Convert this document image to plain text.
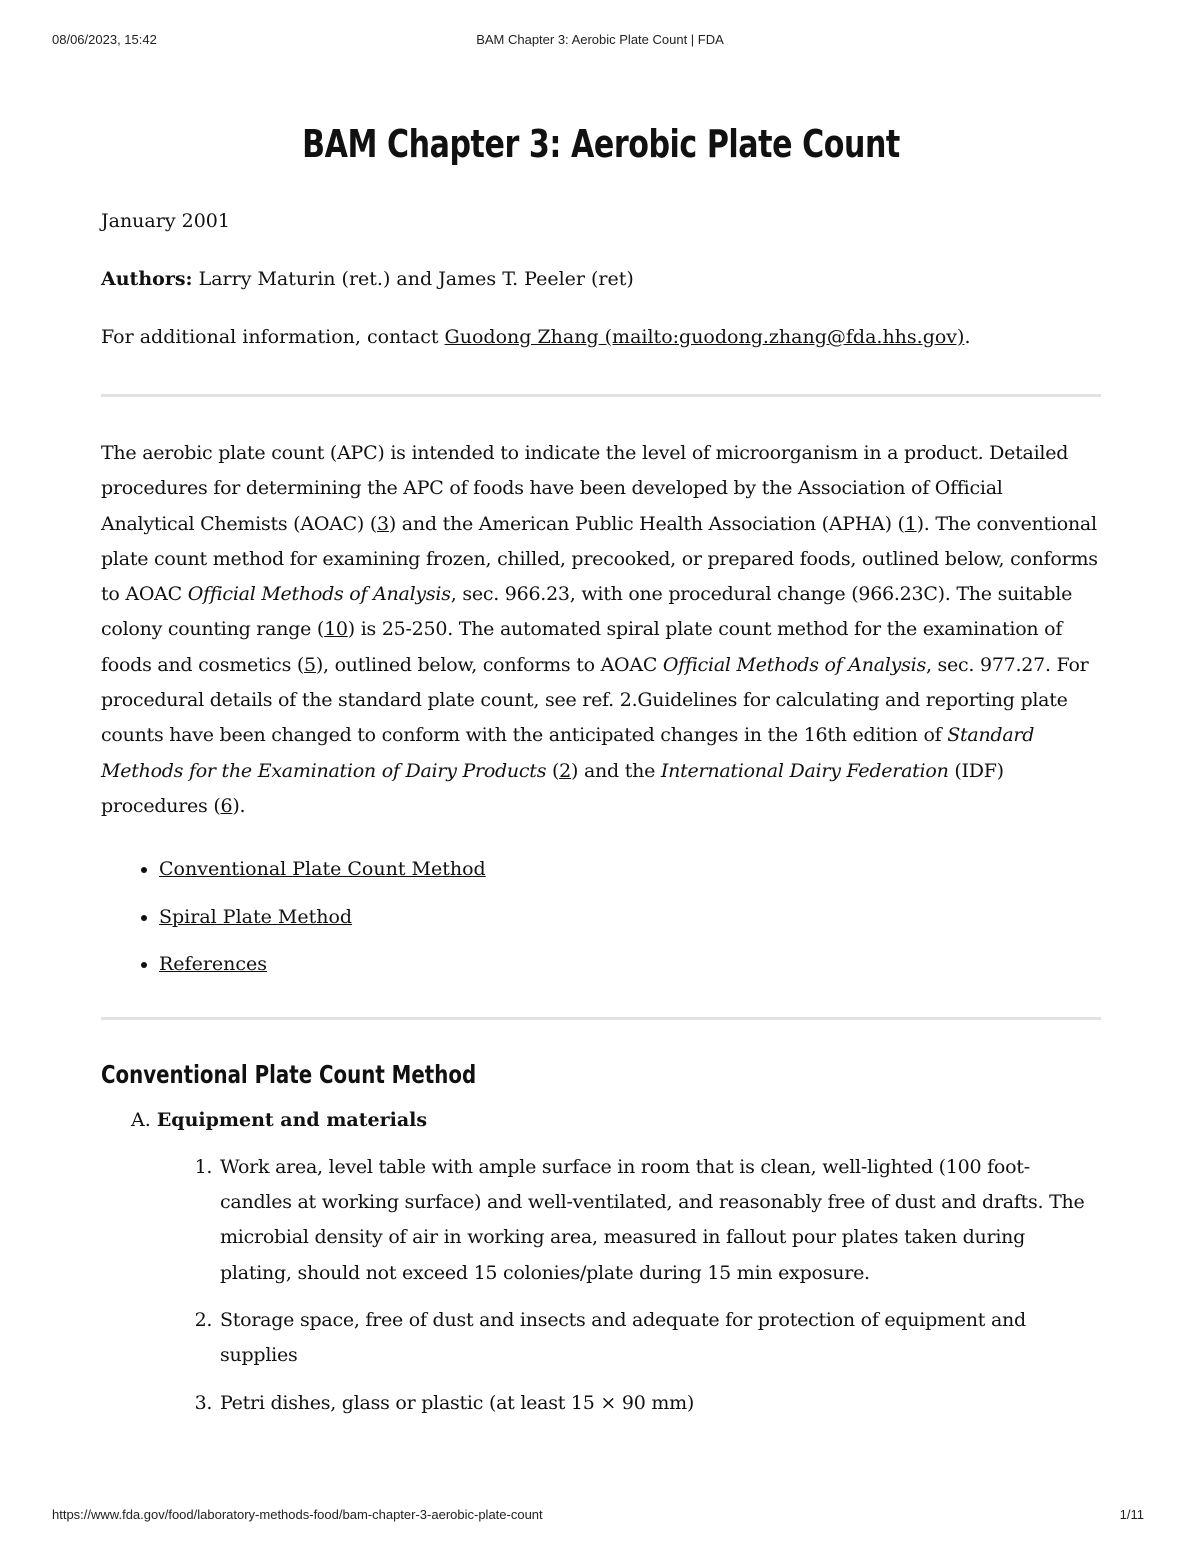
08/06/2023, 15:42	BAM Chapter 3: Aerobic Plate Count | FDA
BAM Chapter 3: Aerobic Plate Count

January 2001

Authors: Larry Maturin (ret.) and James T. Peeler (ret)

For additional information, contact Guodong Zhang (mailto:guodong.zhang@fda.hhs.gov).

The aerobic plate count (APC) is intended to indicate the level of microorganism in a product. Detailed procedures for determining the APC of foods have been developed by the Association of Official Analytical Chemists (AOAC) (3) and the American Public Health Association (APHA) (1). The conventional plate count method for examining frozen, chilled, precooked, or prepared foods, outlined below, conforms to AOAC Official Methods of Analysis, sec. 966.23, with one procedural change (966.23C). The suitable colony counting range (10) is 25-250. The automated spiral plate count method for the examination of foods and cosmetics (5), outlined below, conforms to AOAC Official Methods of Analysis, sec. 977.27. For procedural details of the standard plate count, see ref. 2.Guidelines for calculating and reporting plate counts have been changed to conform with the anticipated changes in the 16th edition of Standard Methods for the Examination of Dairy Products (2) and the International Dairy Federation (IDF) procedures (6).

• Conventional Plate Count Method
• Spiral Plate Method
• References
Conventional Plate Count Method
A. Equipment and materials
1. Work area, level table with ample surface in room that is clean, well-lighted (100 foot-candles at working surface) and well-ventilated, and reasonably free of dust and drafts. The microbial density of air in working area, measured in fallout pour plates taken during plating, should not exceed 15 colonies/plate during 15 min exposure.
2. Storage space, free of dust and insects and adequate for protection of equipment and supplies
3. Petri dishes, glass or plastic (at least 15 × 90 mm)
https://www.fda.gov/food/laboratory-methods-food/bam-chapter-3-aerobic-plate-count	1/11
